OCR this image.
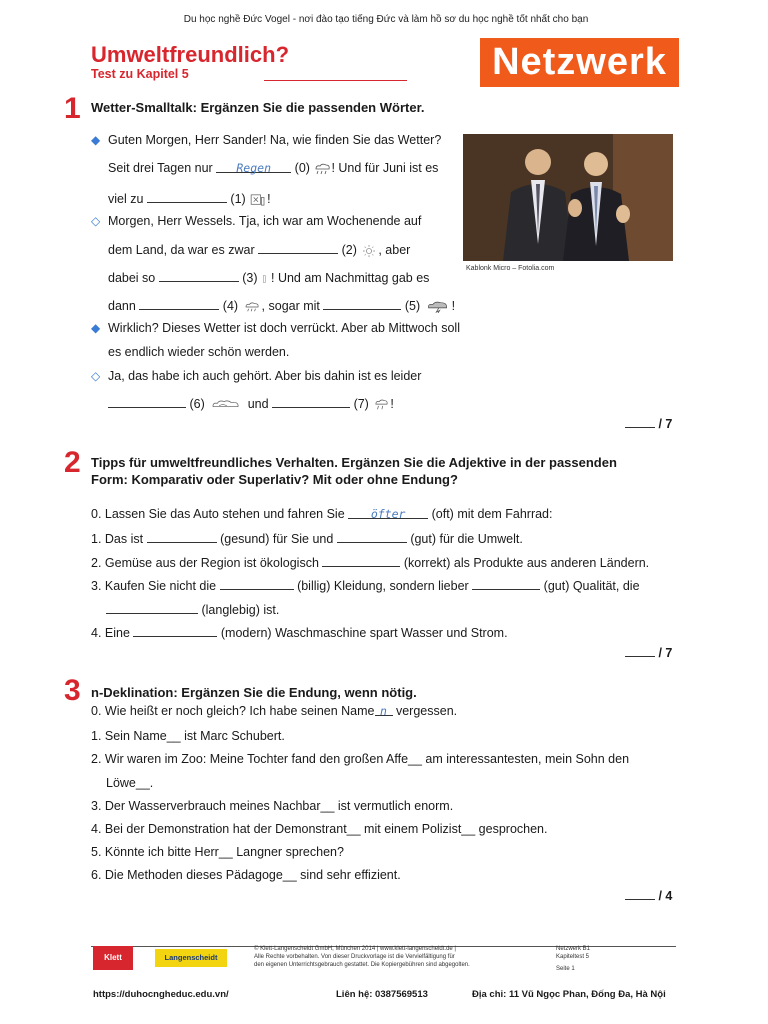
Du học nghề Đức Vogel - nơi đào tạo tiếng Đức và làm hồ sơ du học nghề tốt nhất cho bạn
Umweltfreundlich?
Test zu Kapitel 5	Netzwerk
1 Wetter-Smalltalk: Ergänzen Sie die passenden Wörter.
◆ Guten Morgen, Herr Sander! Na, wie finden Sie das Wetter?
Seit drei Tagen nur Regen (0) ! Und für Juni ist es
viel zu	(1) !
◇ Morgen, Herr Wessels. Tja, ich war am Wochenende auf
dem Land, da war es zwar	(2) , aber
dabei so	(3) ! Und am Nachmittag gab es
dann	(4) , sogar mit	(5)	!
◆ Wirklich? Dieses Wetter ist doch verrückt. Aber ab Mittwoch soll
es endlich wieder schön werden.
◇ Ja, das habe ich auch gehört. Aber bis dahin ist es leider
(6)	und	(7) !
/ 7
Kablonk Micro – Fotolia.com
2 Tipps für umweltfreundliches Verhalten. Ergänzen Sie die Adjektive in der passenden
Form: Komparativ oder Superlativ? Mit oder ohne Endung?
0. Lassen Sie das Auto stehen und fahren Sie öfter (oft) mit dem Fahrrad:
1. Das ist	(gesund) für Sie und	(gut) für die Umwelt.
2. Gemüse aus der Region ist ökologisch	(korrekt) als Produkte aus anderen Ländern.
3. Kaufen Sie nicht die	(billig) Kleidung, sondern lieber	(gut) Qualität, die
(langlebig) ist.
4. Eine	(modern) Waschmaschine spart Wasser und Strom.
/ 7
3 n-Deklination: Ergänzen Sie die Endung, wenn nötig.
0. Wie heißt er noch gleich? Ich habe seinen Name n vergessen.
1. Sein Name__ ist Marc Schubert.
2. Wir waren im Zoo: Meine Tochter fand den großen Affe__ am interessantesten, mein Sohn den
Löwe__.
3. Der Wasserverbrauch meines Nachbar__ ist vermutlich enorm.
4. Bei der Demonstration hat der Demonstrant__ mit einem Polizist__ gesprochen.
5. Könnte ich bitte Herr__ Langner sprechen?
6. Die Methoden dieses Pädagoge__ sind sehr effizient.
/ 4
Klett	Langenscheidt
© Klett-Langenscheidt GmbH, München 2014 | www.klett-langenscheidt.de |
Alle Rechte vorbehalten. Von dieser Druckvorlage ist die Vervielfältigung für
den eigenen Unterrichtsgebrauch gestattet. Die Kopiergebühren sind abgegolten.
Netzwerk B1
Kapiteltest 5
Seite 1
https://duhocngheduc.edu.vn/	Liên hệ: 0387569513	Địa chỉ: 11 Vũ Ngọc Phan, Đống Đa, Hà Nội
